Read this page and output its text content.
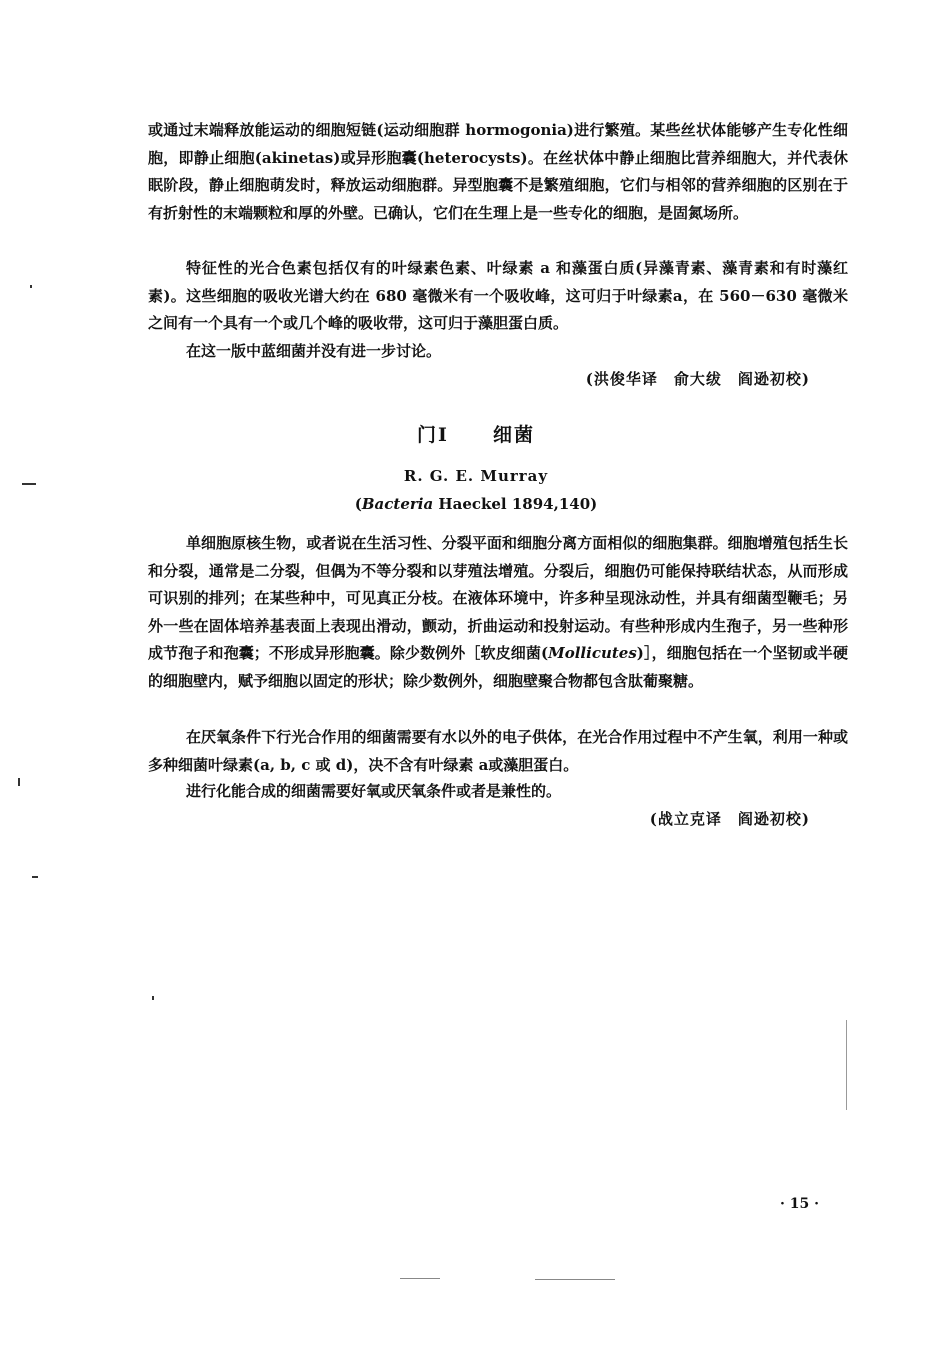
或通过末端释放能运动的细胞短链(运动细胞群 hormogonia)进行繁殖。某些丝状体能够产生专化性细胞，即静止细胞(akinetas)或异形胞囊(heterocysts)。在丝状体中静止细胞比营养细胞大，并代表休眠阶段，静止细胞萌发时，释放运动细胞群。异型胞囊不是繁殖细胞，它们与相邻的营养细胞的区别在于有折射性的末端颗粒和厚的外壁。已确认，它们在生理上是一些专化的细胞，是固氮场所。

特征性的光合色素包括仅有的叶绿素色素、叶绿素 a 和藻蛋白质(异藻青素、藻青素和有时藻红素)。这些细胞的吸收光谱大约在 680 毫微米有一个吸收峰，这可归于叶绿素a，在 560－630 毫微米之间有一个具有一个或几个峰的吸收带，这可归于藻胆蛋白质。

在这一版中蓝细菌并没有进一步讨论。

(洪俊华译　俞大绂　阎逊初校)
门Ⅰ 细菌
R. G. E. Murray
(Bacteria Haeckel 1894,140)

单细胞原核生物，或者说在生活习性、分裂平面和细胞分离方面相似的细胞集群。细胞增殖包括生长和分裂，通常是二分裂，但偶为不等分裂和以芽殖法增殖。分裂后，细胞仍可能保持联结状态，从而形成可识别的排列；在某些种中，可见真正分枝。在液体环境中，许多种呈现泳动性，并具有细菌型鞭毛；另外一些在固体培养基表面上表现出滑动，颤动，折曲运动和投射运动。有些种形成内生孢子，另一些种形成节孢子和孢囊；不形成异形胞囊。除少数例外［软皮细菌(Mollicutes)］，细胞包括在一个坚韧或半硬的细胞壁内，赋予细胞以固定的形状；除少数例外，细胞壁聚合物都包含肽葡聚糖。

在厌氧条件下行光合作用的细菌需要有水以外的电子供体，在光合作用过程中不产生氧，利用一种或多种细菌叶绿素(a, b, c 或 d)，决不含有叶绿素 a或藻胆蛋白。

进行化能合成的细菌需要好氧或厌氧条件或者是兼性的。

(战立克译　阎逊初校)
· 15 ·
